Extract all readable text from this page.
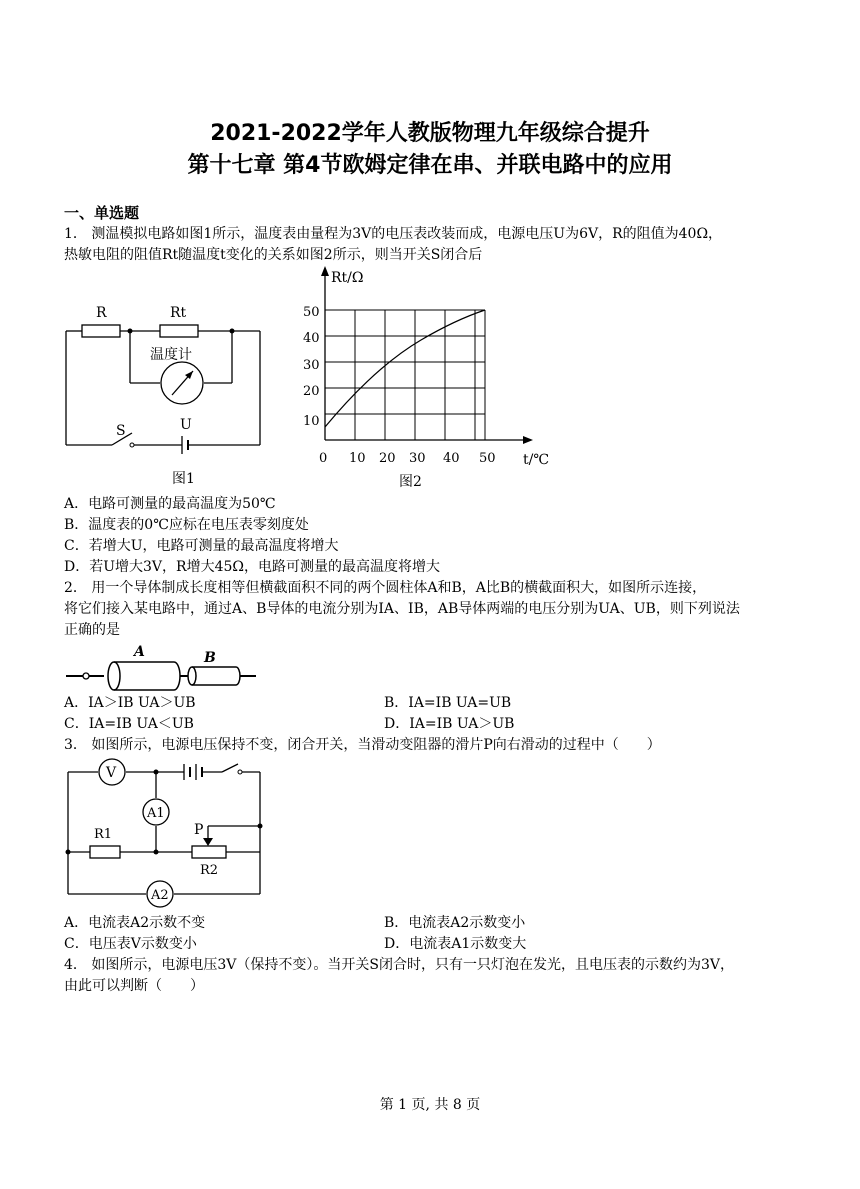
2021-2022学年人教版物理九年级综合提升
第十七章 第4节欧姆定律在串、并联电路中的应用
一、单选题
1． 测温模拟电路如图1所示，温度表由量程为3V的电压表改装而成，电源电压U为6V，R的阻值为40Ω，
热敏电阻的阻值Rt随温度t变化的关系如图2所示，则当开关S闭合后
R	Rt
温度计
S	U
图1
Rt/Ω
10
20
30
40
50
0 10 20 30 40 50 t/℃
图2
A．电路可测量的最高温度为50℃
B．温度表的0℃应标在电压表零刻度处
C．若增大U，电路可测量的最高温度将增大
D．若U增大3V，R增大45Ω，电路可测量的最高温度将增大
2． 用一个导体制成长度相等但横截面积不同的两个圆柱体A和B，A比B的横截面积大，如图所示连接，
将它们接入某电路中，通过A、B导体的电流分别为IA、IB，AB导体两端的电压分别为UA、UB，则下列说法
正确的是
A	B
A．IA＞IB UA＞UB	B．IA=IB UA=UB
C．IA=IB UA＜UB	D．IA=IB UA＞UB
3． 如图所示，电源电压保持不变，闭合开关，当滑动变阻器的滑片P向右滑动的过程中（　　）
V
A1
A2
R1
R2
P
A．电流表A2示数不变	B．电流表A2示数变小
C．电压表V示数变小	D．电流表A1示数变大
4． 如图所示，电源电压3V（保持不变）。当开关S闭合时，只有一只灯泡在发光，且电压表的示数约为3V，
由此可以判断（　　）
第 1 页, 共 8 页
